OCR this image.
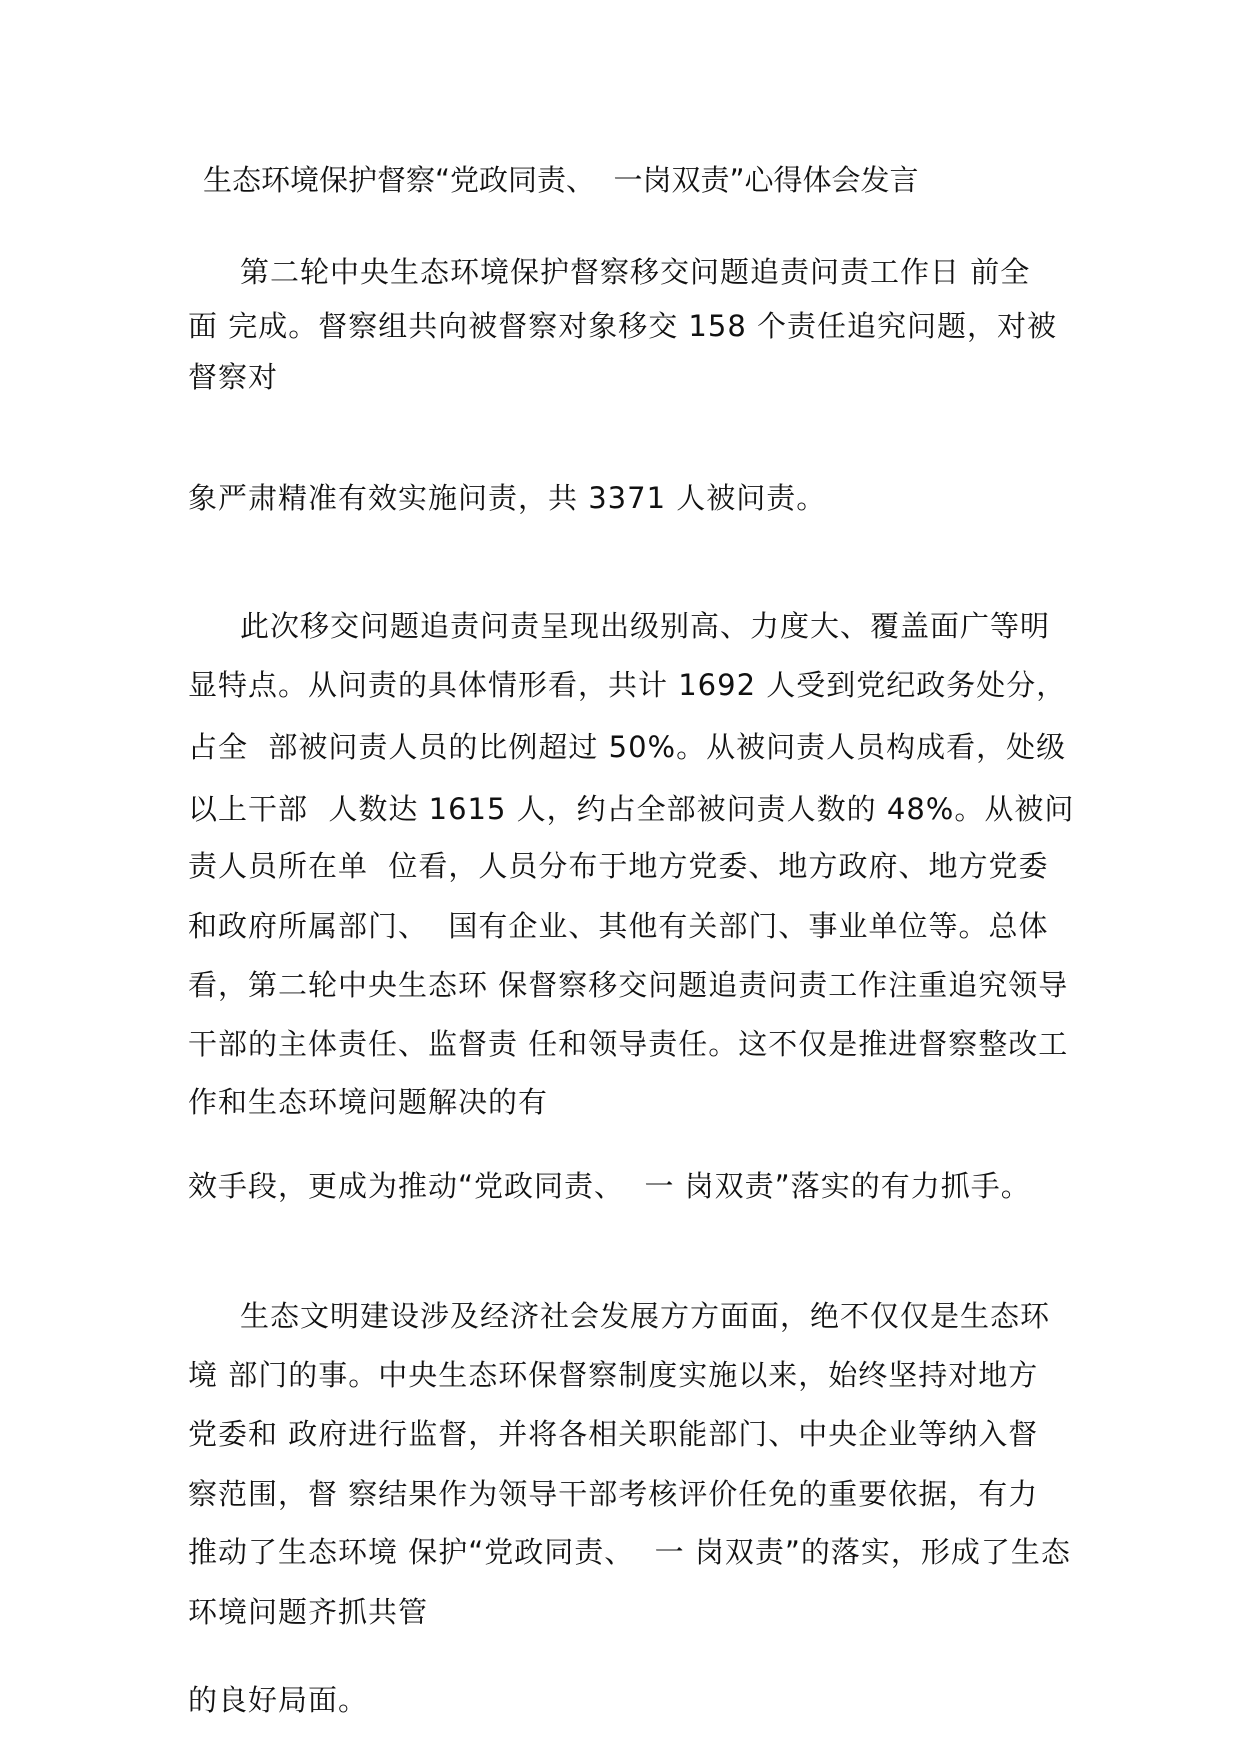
生态环境保护督察“党政同责、  一岗双责”心得体会发言
第二轮中央生态环境保护督察移交问题追责问责工作日 前全
面 完成。督察组共向被督察对象移交 158 个责任追究问题，对被
督察对
象严肃精准有效实施问责，共 3371 人被问责。
此次移交问题追责问责呈现出级别高、力度大、覆盖面广等明
显特点。从问责的具体情形看，共计 1692 人受到党纪政务处分，
占全  部被问责人员的比例超过 50%。从被问责人员构成看，处级
以上干部  人数达 1615 人，约占全部被问责人数的 48%。从被问
责人员所在单  位看，人员分布于地方党委、地方政府、地方党委
和政府所属部门、  国有企业、其他有关部门、事业单位等。总体
看，第二轮中央生态环 保督察移交问题追责问责工作注重追究领导
干部的主体责任、监督责 任和领导责任。这不仅是推进督察整改工
作和生态环境问题解决的有
效手段，更成为推动“党政同责、  一 岗双责”落实的有力抓手。
生态文明建设涉及经济社会发展方方面面，绝不仅仅是生态环
境 部门的事。中央生态环保督察制度实施以来，始终坚持对地方
党委和 政府进行监督，并将各相关职能部门、中央企业等纳入督
察范围，督 察结果作为领导干部考核评价任免的重要依据，有力
推动了生态环境 保护“党政同责、  一 岗双责”的落实，形成了生态
环境问题齐抓共管
的良好局面。
